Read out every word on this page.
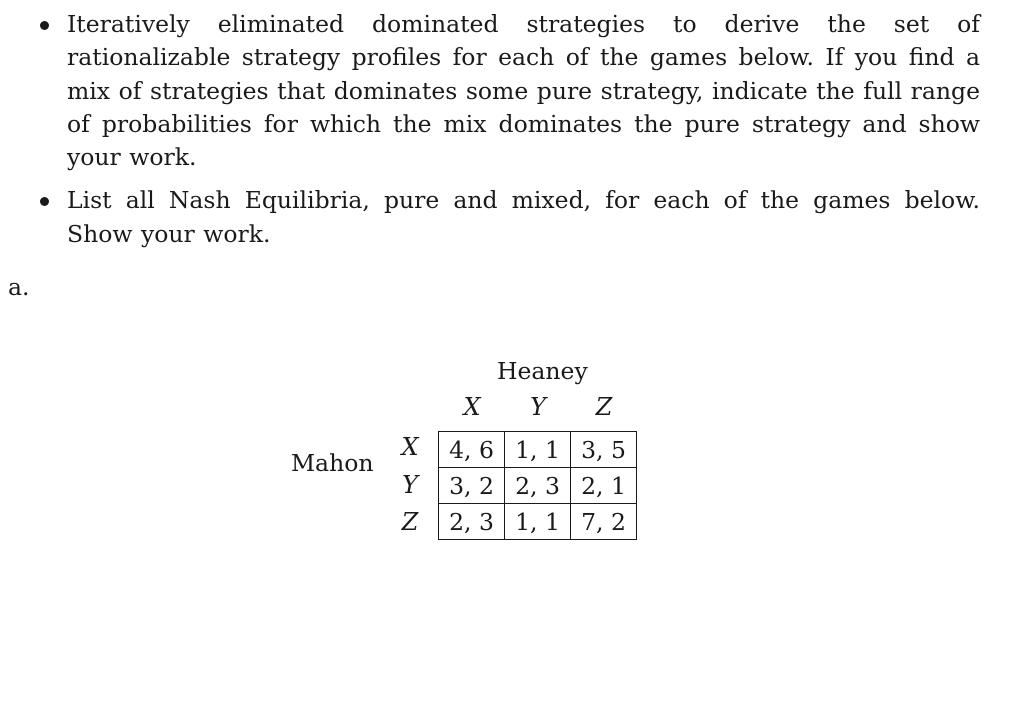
Iteratively eliminated dominated strategies to derive the set of rationalizable strategy profiles for each of the games below. If you find a mix of strategies that dominates some pure strategy, indicate the full range of probabilities for which the mix dominates the pure strategy and show your work.
List all Nash Equilibria, pure and mixed, for each of the games below. Show your work.
a.
Heaney
X	Y	Z
Mahon
X
Y
Z
4, 6	1, 1	3, 5
3, 2	2, 3	2, 1
2, 3	1, 1	7, 2
